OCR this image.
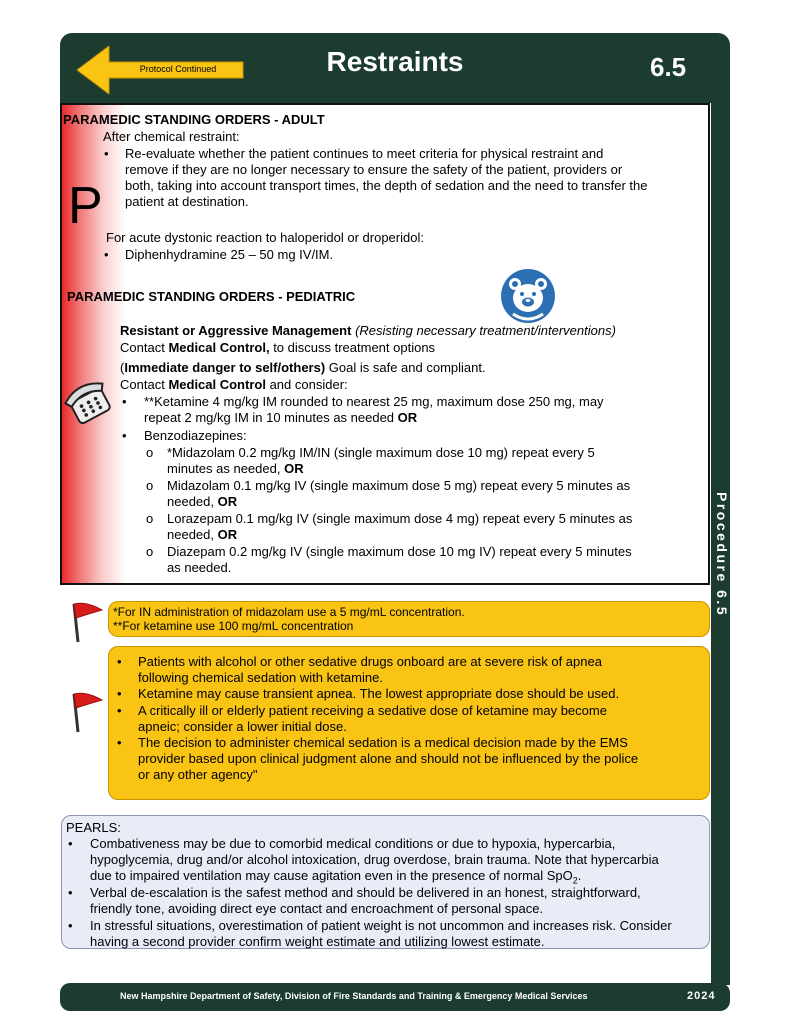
Protocol Continued	Restraints	6.5
Procedure 6.5
PARAMEDIC STANDING ORDERS - ADULT
After chemical restraint:
P
• Re-evaluate whether the patient continues to meet criteria for physical restraint and
remove if they are no longer necessary to ensure the safety of the patient, providers or
both, taking into account transport times, the depth of sedation and the need to transfer the
patient at destination.
For acute dystonic reaction to haloperidol or droperidol:
• Diphenhydramine 25 – 50 mg IV/IM.
PARAMEDIC STANDING ORDERS - PEDIATRIC
Resistant or Aggressive Management (Resisting necessary treatment/interventions)
Contact Medical Control, to discuss treatment options
(Immediate danger to self/others) Goal is safe and compliant.
Contact Medical Control and consider:
• **Ketamine 4 mg/kg IM rounded to nearest 25 mg, maximum dose 250 mg, may
repeat 2 mg/kg IM in 10 minutes as needed OR
• Benzodiazepines:
o *Midazolam 0.2 mg/kg IM/IN (single maximum dose 10 mg) repeat every 5
minutes as needed, OR
o Midazolam 0.1 mg/kg IV (single maximum dose 5 mg) repeat every 5 minutes as
needed, OR
o Lorazepam 0.1 mg/kg IV (single maximum dose 4 mg) repeat every 5 minutes as
needed, OR
o Diazepam 0.2 mg/kg IV (single maximum dose 10 mg IV) repeat every 5 minutes
as needed.
*For IN administration of midazolam use a 5 mg/mL concentration.
**For ketamine use 100 mg/mL concentration
• Patients with alcohol or other sedative drugs onboard are at severe risk of apnea
following chemical sedation with ketamine.
• Ketamine may cause transient apnea. The lowest appropriate dose should be used.
• A critically ill or elderly patient receiving a sedative dose of ketamine may become
apneic; consider a lower initial dose.
• The decision to administer chemical sedation is a medical decision made by the EMS
provider based upon clinical judgment alone and should not be influenced by the police
or any other agency"
PEARLS:
• Combativeness may be due to comorbid medical conditions or due to hypoxia, hypercarbia,
hypoglycemia, drug and/or alcohol intoxication, drug overdose, brain trauma. Note that hypercarbia
due to impaired ventilation may cause agitation even in the presence of normal SpO$_2$.
• Verbal de-escalation is the safest method and should be delivered in an honest, straightforward,
friendly tone, avoiding direct eye contact and encroachment of personal space.
• In stressful situations, overestimation of patient weight is not uncommon and increases risk. Consider
having a second provider confirm weight estimate and utilizing lowest estimate.
New Hampshire Department of Safety, Division of Fire Standards and Training & Emergency Medical Services	2024
